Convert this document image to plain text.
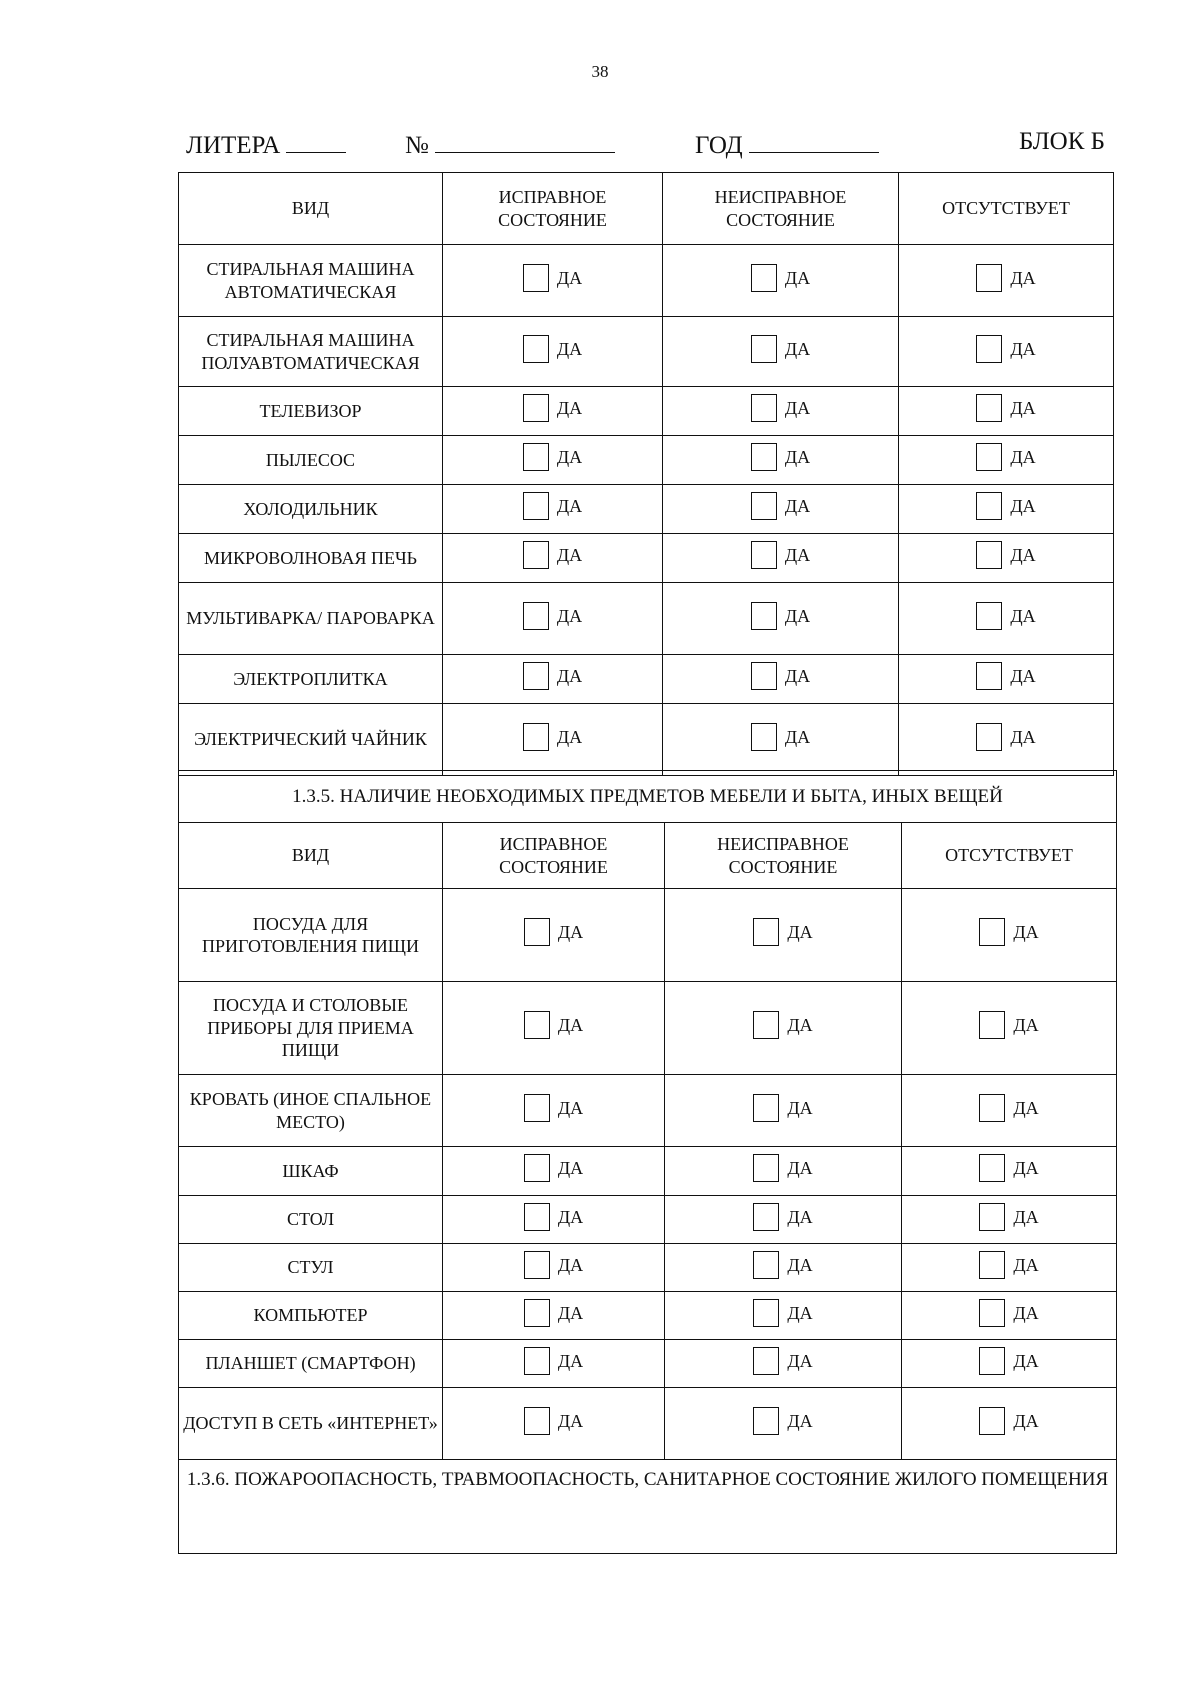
38
ЛИТЕРА	№	ГОД	БЛОК Б
ВИД	ИСПРАВНОЕ СОСТОЯНИЕ	НЕИСПРАВНОЕ СОСТОЯНИЕ	ОТСУТСТВУЕТ
СТИРАЛЬНАЯ МАШИНА АВТОМАТИЧЕСКАЯ	ДА	ДА	ДА

СТИРАЛЬНАЯ МАШИНА ПОЛУАВТОМАТИЧЕСКАЯ	ДА	ДА	ДА

ТЕЛЕВИЗОР	ДА	ДА	ДА

ПЫЛЕСОС	ДА	ДА	ДА

ХОЛОДИЛЬНИК	ДА	ДА	ДА

МИКРОВОЛНОВАЯ ПЕЧЬ	ДА	ДА	ДА

МУЛЬТИВАРКА/ ПАРОВАРКА	ДА	ДА	ДА

ЭЛЕКТРОПЛИТКА	ДА	ДА	ДА

ЭЛЕКТРИЧЕСКИЙ ЧАЙНИК	ДА	ДА	ДА
1.3.5. НАЛИЧИЕ НЕОБХОДИМЫХ ПРЕДМЕТОВ МЕБЕЛИ И БЫТА, ИНЫХ ВЕЩЕЙ			
ВИД	ИСПРАВНОЕ СОСТОЯНИЕ	НЕИСПРАВНОЕ СОСТОЯНИЕ	ОТСУТСТВУЕТ
ПОСУДА ДЛЯ ПРИГОТОВЛЕНИЯ ПИЩИ	ДА	ДА	ДА

ПОСУДА И СТОЛОВЫЕ ПРИБОРЫ ДЛЯ ПРИЕМА ПИЩИ	ДА	ДА	ДА

КРОВАТЬ (ИНОЕ СПАЛЬНОЕ МЕСТО)	ДА	ДА	ДА

ШКАФ	ДА	ДА	ДА

СТОЛ	ДА	ДА	ДА

СТУЛ	ДА	ДА	ДА

КОМПЬЮТЕР	ДА	ДА	ДА

ПЛАНШЕТ (СМАРТФОН)	ДА	ДА	ДА

ДОСТУП В СЕТЬ «ИНТЕРНЕТ»	ДА	ДА	ДА

1.3.6. ПОЖАРООПАСНОСТЬ, ТРАВМООПАСНОСТЬ, САНИТАРНОЕ СОСТОЯНИЕ ЖИЛОГО ПОМЕЩЕНИЯ			
